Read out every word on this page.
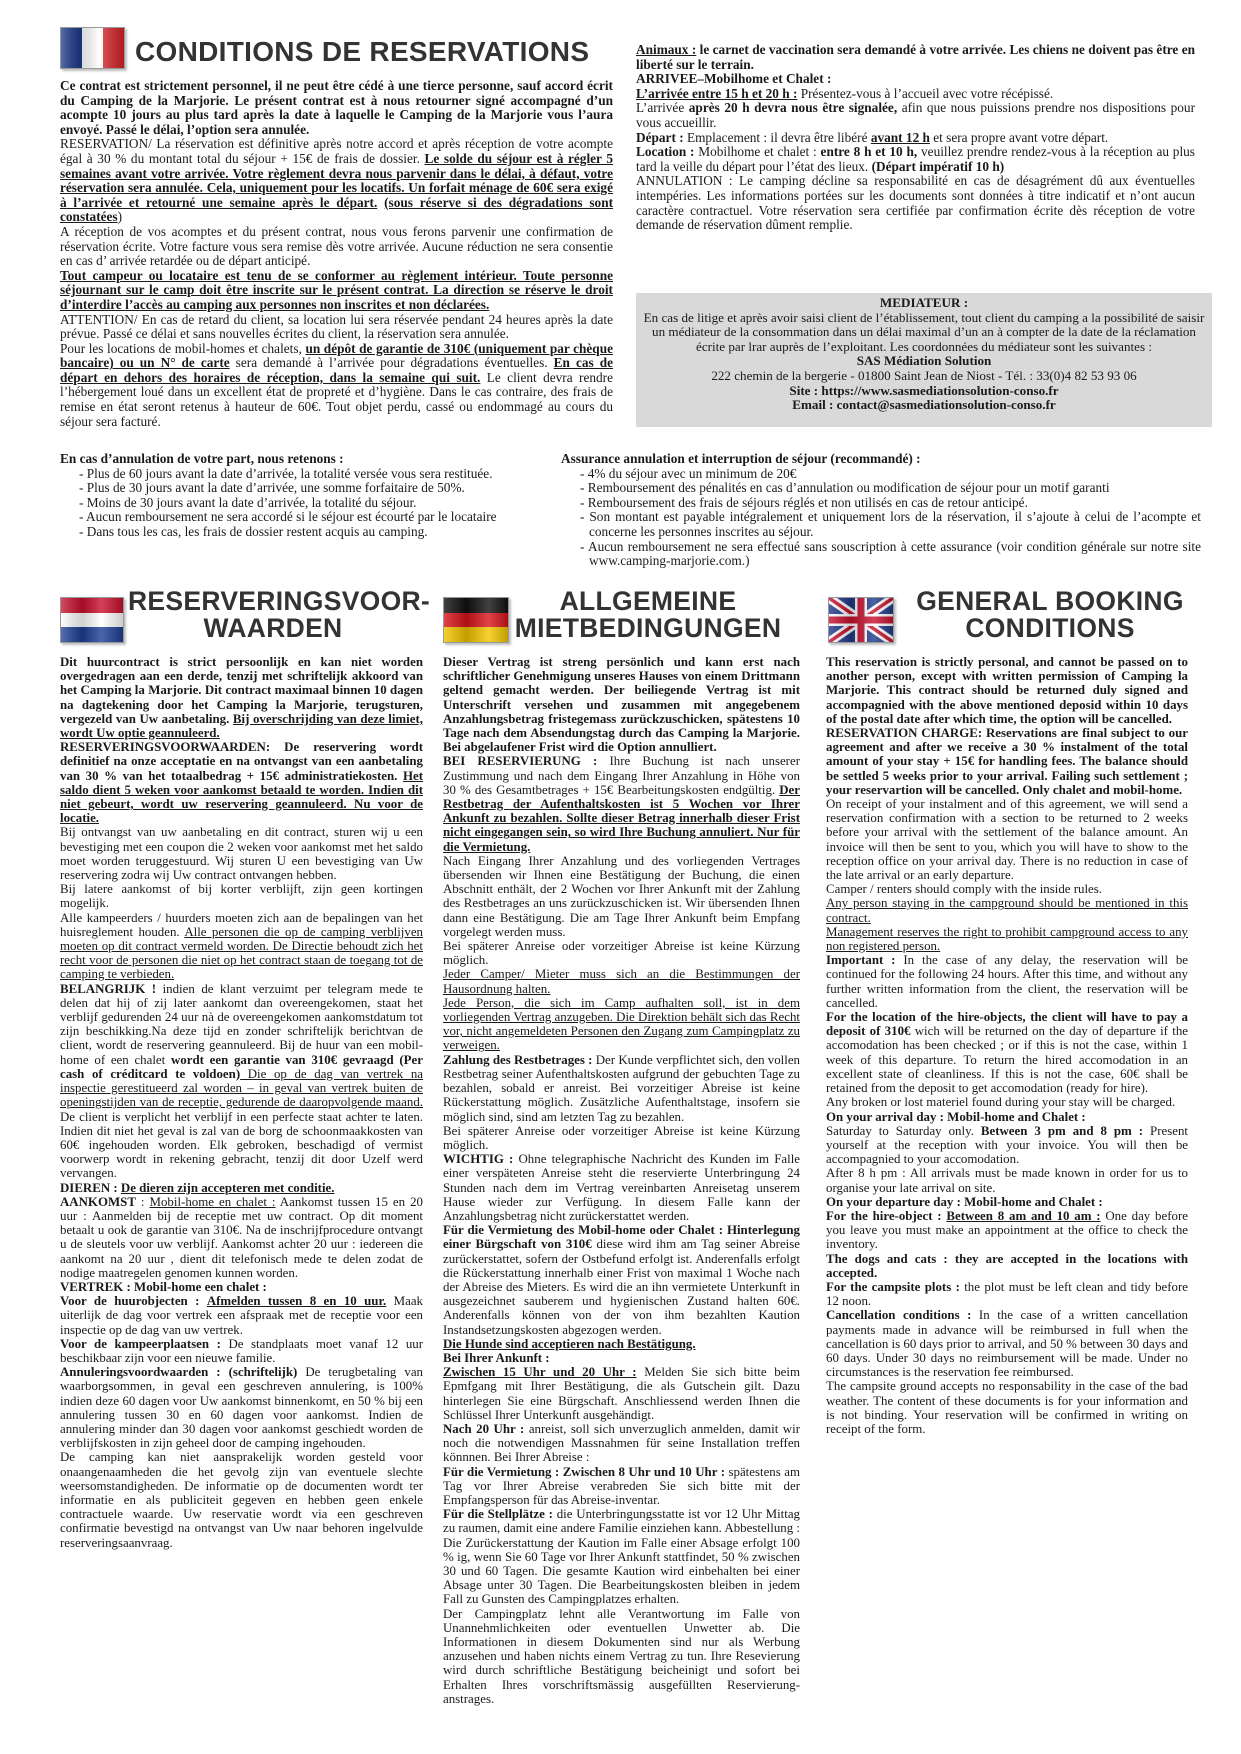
CONDITIONS DE RESERVATIONS

Ce contrat est strictement personnel, il ne peut être cédé à une tierce personne, sauf accord écrit du Camping de la Marjorie. Le présent contrat est à nous retourner signé accompagné d’un acompte 10 jours au plus tard après la date à laquelle le Camping de la Marjorie vous l’aura envoyé. Passé le délai, l’option sera annulée.

RESERVATION/ La réservation est définitive après notre accord et après réception de votre acompte égal à 30 % du montant total du séjour + 15€ de frais de dossier. Le solde du séjour est à régler 5 semaines avant votre arrivée. Votre règlement devra nous parvenir dans le délai, à défaut, votre réservation sera annulée. Cela, uniquement pour les locatifs. Un forfait ménage de 60€ sera exigé à l’arrivée et retourné une semaine après le départ. (sous réserve si des dégradations sont constatées)

A réception de vos acomptes et du présent contrat, nous vous ferons parvenir une confirmation de réservation écrite. Votre facture vous sera remise dès votre arrivée. Aucune réduction ne sera consentie en cas d’ arrivée retardée ou de départ anticipé.

Tout campeur ou locataire est tenu de se conformer au règlement intérieur. Toute personne séjournant sur le camp doit être inscrite sur le présent contrat. La direction se réserve le droit d’interdire l’accès au camping aux personnes non inscrites et non déclarées.

ATTENTION/ En cas de retard du client, sa location lui sera réservée pendant 24 heures après la date prévue. Passé ce délai et sans nouvelles écrites du client, la réservation sera annulée.

Pour les locations de mobil-homes et chalets, un dépôt de garantie de 310€ (uniquement par chèque bancaire) ou un N° de carte sera demandé à l’arrivée pour dégradations éventuelles. En cas de départ en dehors des horaires de réception, dans la semaine qui suit. Le client devra rendre l’hébergement loué dans un excellent état de propreté et d’hygiène. Dans le cas contraire, des frais de remise en état seront retenus à hauteur de 60€. Tout objet perdu, cassé ou endommagé au cours du séjour sera facturé.

Animaux : le carnet de vaccination sera demandé à votre arrivée. Les chiens ne doivent pas être en liberté sur le terrain.

ARRIVEE–Mobilhome et Chalet :

L’arrivée entre 15 h et 20 h : Présentez-vous à l’accueil avec votre récépissé.

L’arrivée après 20 h devra nous être signalée, afin que nous puissions prendre nos dispositions pour vous accueillir.

Départ : Emplacement : il devra être libéré avant 12 h et sera propre avant votre départ.

Location : Mobilhome et chalet : entre 8 h et 10 h, veuillez prendre rendez-vous à la réception au plus tard la veille du départ pour l’état des lieux. (Départ impératif 10 h)

ANNULATION : Le camping décline sa responsabilité en cas de désagrément dû aux éventuelles intempéries. Les informations portées sur les documents sont données à titre indicatif et n’ont aucun caractère contractuel. Votre réservation sera certifiée par confirmation écrite dès réception de votre demande de réservation dûment remplie.

MEDIATEUR :

En cas de litige et après avoir saisi client de l’établissement, tout client du camping a la possibilité de saisir un médiateur de la consommation dans un délai maximal d’un an à compter de la date de la réclamation écrite par lrar auprès de l’exploitant. Les coordonnées du médiateur sont les suivantes :

SAS Médiation Solution

222 chemin de la bergerie - 01800 Saint Jean de Niost - Tél. : 33(0)4 82 53 93 06

Site : https://www.sasmediationsolution-conso.fr

Email : contact@sasmediationsolution-conso.fr

En cas d’annulation de votre part, nous retenons :

- Plus de 60 jours avant la date d’arrivée, la totalité versée vous sera restituée.

- Plus de 30 jours avant la date d’arrivée, une somme forfaitaire de 50%.

- Moins de 30 jours avant la date d’arrivée, la totalité du séjour.

- Aucun remboursement ne sera accordé si le séjour est écourté par le locataire

- Dans tous les cas, les frais de dossier restent acquis au camping.

Assurance annulation et interruption de séjour (recommandé) :

- 4% du séjour avec un minimum de 20€

- Remboursement des pénalités en cas d’annulation ou modification de séjour pour un motif garanti

- Remboursement des frais de séjours réglés et non utilisés en cas de retour anticipé.

- Son montant est payable intégralement et uniquement lors de la réservation, il s’ajoute à celui de l’acompte et concerne les personnes inscrites au séjour.

- Aucun remboursement ne sera effectué sans souscription à cette assurance (voir condition générale sur notre site www.camping-marjorie.com.)

RESERVERINGSVOOR-
WAARDEN

Dit huurcontract is strict persoonlijk en kan niet worden overgedragen aan een derde, tenzij met schriftelijk akkoord van het Camping la Marjorie. Dit contract maximaal binnen 10 dagen na dagtekening door het Camping la Marjorie, terugsturen, vergezeld van Uw aanbetaling. Bij overschrijding van deze limiet, wordt Uw optie geannuleerd.

RESERVERINGSVOORWAARDEN: De reservering wordt definitief na onze acceptatie en na ontvangst van een aanbetaling van 30 % van het totaalbedrag + 15€ administratiekosten. Het saldo dient 5 weken voor aankomst betaald te worden. Indien dit niet gebeurt, wordt uw reservering geannuleerd. Nu voor de locatie.

Bij ontvangst van uw aanbetaling en dit contract, sturen wij u een bevestiging met een coupon die 2 weken voor aankomst met het saldo moet worden teruggestuurd. Wij sturen U een bevestiging van Uw reservering zodra wij Uw contract ontvangen hebben.

Bij latere aankomst of bij korter verblijft, zijn geen kortingen mogelijk.

Alle kampeerders / huurders moeten zich aan de bepalingen van het huisreglement houden. Alle personen die op de camping verblijven moeten op dit contract vermeld worden. De Directie behoudt zich het recht voor de personen die niet op het contract staan de toegang tot de camping te verbieden.

BELANGRIJK ! indien de klant verzuimt per telegram mede te delen dat hij of zij later aankomt dan overeengekomen, staat het verblijf gedurenden 24 uur nà de overeengekomen aankomstdatum tot zijn beschikking.Na deze tijd en zonder schriftelijk berichtvan de client, wordt de reservering geannuleerd. Bij de huur van een mobil-home of een chalet wordt een garantie van 310€ gevraagd (Per cash of créditcard te voldoen) Die op de dag van vertrek na inspectie gerestitueerd zal worden – in geval van vertrek buiten de openingstijden van de receptie, gedurende de daaropvolgende maand. De client is verplicht het verblijf in een perfecte staat achter te laten. Indien dit niet het geval is zal van de borg de schoonmaakkosten van 60€ ingehouden worden. Elk gebroken, beschadigd of vermist voorwerp wordt in rekening gebracht, tenzij dit door Uzelf werd vervangen.

DIEREN : De dieren zijn accepteren met conditie.

AANKOMST : Mobil-home en chalet : Aankomst tussen 15 en 20 uur : Aanmelden bij de receptie met uw contract. Op dit moment betaalt u ook de garantie van 310€. Na de inschrijfprocedure ontvangt u de sleutels voor uw verblijf. Aankomst achter 20 uur : iedereen die aankomt na 20 uur , dient dit telefonisch mede te delen zodat de nodige maatregelen genomen kunnen worden.

VERTREK : Mobil-home een chalet :

Voor de huurobjecten : Afmelden tussen 8 en 10 uur. Maak uiterlijk de dag voor vertrek een afspraak met de receptie voor een inspectie op de dag van uw vertrek.

Voor de kampeerplaatsen : De standplaats moet vanaf 12 uur beschikbaar zijn voor een nieuwe familie.

Annuleringsvoordwaarden : (schriftelijk) De terugbetaling van waarborgsommen, in geval een geschreven annulering, is 100% indien deze 60 dagen voor Uw aankomst binnenkomt, en 50 % bij een annulering tussen 30 en 60 dagen voor aankomst. Indien de annulering minder dan 30 dagen voor aankomst geschiedt worden de verblijfskosten in zijn geheel door de camping ingehouden.

De camping kan niet aansprakelijk worden gesteld voor onaangenaamheden die het gevolg zijn van eventuele slechte weersomstandigheden. De informatie op de documenten wordt ter informatie en als publiciteit gegeven en hebben geen enkele contractuele waarde. Uw reservatie wordt via een geschreven confirmatie bevestigd na ontvangst van Uw naar behoren ingelvulde reserveringsaanvraag.

ALLGEMEINE
MIETBEDINGUNGEN

Dieser Vertrag ist streng persönlich und kann erst nach schriftlicher Genehmigung unseres Hauses von einem Drittmann geltend gemacht werden. Der beiliegende Vertrag ist mit Unterschrift versehen und zusammen mit angegebenem Anzahlungsbetrag fristegemass zurückzuschicken, spätestens 10 Tage nach dem Absendungstag durch das Camping la Marjorie. Bei abgelaufener Frist wird die Option annulliert.

BEI RESERVIERUNG : Ihre Buchung ist nach unserer Zustimmung und nach dem Eingang Ihrer Anzahlung in Höhe von 30 % des Gesamtbetrages + 15€ Bearbeitungskosten endgültig. Der Restbetrag der Aufenthaltskosten ist 5 Wochen vor Ihrer Ankunft zu bezahlen. Sollte dieser Betrag innerhalb dieser Frist nicht eingegangen sein, so wird Ihre Buchung annuliert. Nur für die Vermietung.

Nach Eingang Ihrer Anzahlung und des vorliegenden Vertrages übersenden wir Ihnen eine Bestätigung der Buchung, die einen Abschnitt enthält, der 2 Wochen vor Ihrer Ankunft mit der Zahlung des Restbetrages an uns zurückzuschicken ist. Wir übersenden Ihnen dann eine Bestätigung. Die am Tage Ihrer Ankunft beim Empfang vorgelegt werden muss.

Bei späterer Anreise oder vorzeitiger Abreise ist keine Kürzung möglich.

Jeder Camper/ Mieter muss sich an die Bestimmungen der Hausordnung halten.

Jede Person, die sich im Camp aufhalten soll, ist in dem vorliegenden Vertrag anzugeben. Die Direktion behält sich das Recht vor, nicht angemeldeten Personen den Zugang zum Campingplatz zu verweigen.

Zahlung des Restbetrages : Der Kunde verpflichtet sich, den vollen Restbetrag seiner Aufenthaltskosten aufgrund der gebuchten Tage zu bezahlen, sobald er anreist. Bei vorzeitiger Abreise ist keine Rückerstattung möglich. Zusätzliche Aufenthaltstage, insofern sie möglich sind, sind am letzten Tag zu bezahlen.

Bei späterer Anreise oder vorzeitiger Abreise ist keine Kürzung möglich.

WICHTIG : Ohne telegraphische Nachricht des Kunden im Falle einer verspäteten Anreise steht die reservierte Unterbringung 24 Stunden nach dem im Vertrag vereinbarten Anreisetag unserem Hause wieder zur Verfügung. In diesem Falle kann der Anzahlungsbetrag nicht zurückerstattet werden.

Für die Vermietung des Mobil-home oder Chalet : Hinterlegung einer Bürgschaft von 310€ diese wird ihm am Tag seiner Abreise zurückerstattet, sofern der Ostbefund erfolgt ist. Anderenfalls erfolgt die Rückerstattung innerhalb einer Frist von maximal 1 Woche nach der Abreise des Mieters. Es wird die an ihn vermietete Unterkunft in ausgezeichnet sauberem und hygienischen Zustand halten 60€. Anderenfalls können von der von ihm bezahlten Kaution Instandsetzungskosten abgezogen werden.

Die Hunde sind acceptieren nach Bestätigung.

Bei Ihrer Ankunft :

Zwischen 15 Uhr und 20 Uhr : Melden Sie sich bitte beim Epmfgang mit Ihrer Bestätigung, die als Gutschein gilt. Dazu hinterlegen Sie eine Bürgschaft. Anschliessend werden Ihnen die Schlüssel Ihrer Unterkunft ausgehändigt.

Nach 20 Uhr : anreist, soll sich unverzuglich anmelden, damit wir noch die notwendigen Massnahmen für seine Installation treffen könnnen. Bei Ihrer Abreise :

Für die Vermietung : Zwischen 8 Uhr und 10 Uhr : spätestens am Tag vor Ihrer Abreise verabreden Sie sich bitte mit der Empfangsperson für das Abreise-inventar.

Für die Stellplätze : die Unterbringungsstatte ist vor 12 Uhr Mittag zu raumen, damit eine andere Familie einziehen kann. Abbestellung : Die Zurückerstattung der Kaution im Falle einer Absage erfolgt 100 % ig, wenn Sie 60 Tage vor Ihrer Ankunft stattfindet, 50 % zwischen 30 und 60 Tagen. Die gesamte Kaution wird einbehalten bei einer Absage unter 30 Tagen. Die Bearbeitungskosten bleiben in jedem Fall zu Gunsten des Campingplatzes erhalten.

Der Campingplatz lehnt alle Verantwortung im Falle von Unannehmlichkeiten oder eventuellen Unwetter ab. Die Informationen in diesem Dokumenten sind nur als Werbung anzusehen und haben nichts einem Vertrag zu tun. Ihre Resevierung wird durch schriftliche Bestätigung beicheinigt und sofort bei Erhalten Ihres vorschriftsmässig ausgefüllten Reservierung-anstrages.

GENERAL BOOKING
CONDITIONS

This reservation is strictly personal, and cannot be passed on to another person, except with written permission of Camping la Marjorie. This contract should be returned duly signed and accompagnied with the above mentioned deposid within 10 days of the postal date after which time, the option will be cancelled.

RESERVATION CHARGE: Reservations are final subject to our agreement and after we receive a 30 % instalment of the total amount of your stay + 15€ for handling fees. The balance should be settled 5 weeks prior to your arrival. Failing such settlement ; your reservartion will be cancelled. Only chalet and mobil-home.

On receipt of your instalment and of this agreement, we will send a reservation confirmation with a section to be returned to 2 weeks before your arrival with the settlement of the balance amount. An invoice will then be sent to you, which you will have to show to the reception office on your arrival day. There is no reduction in case of the late arrival or an early departure.

Camper / renters should comply with the inside rules.

Any person staying in the campground should be mentioned in this contract.

Management reserves the right to prohibit campground access to any non registered person.

Important : In the case of any delay, the reservation will be continued for the following 24 hours. After this time, and without any further written information from the client, the reservation will be cancelled.

For the location of the hire-objects, the client will have to pay a deposit of 310€ wich will be returned on the day of departure if the accomodation has been checked ; or if this is not the case, within 1 week of this departure. To return the hired accomodation in an excellent state of cleanliness. If this is not the case, 60€ shall be retained from the deposit to get accomodation (ready for hire).

Any broken or lost materiel found during your stay will be charged.

On your arrival day : Mobil-home and Chalet :

Saturday to Saturday only. Between 3 pm and 8 pm : Present yourself at the reception with your invoice. You will then be accompagnied to your accomodation.

After 8 h pm : All arrivals must be made known in order for us to organise your late arrival on site.

On your departure day : Mobil-home and Chalet :

For the hire-object : Between 8 am and 10 am : One day before you leave you must make an appointment at the office to check the inventory.

The dogs and cats : they are accepted in the locations with accepted.

For the campsite plots : the plot must be left clean and tidy before 12 noon.

Cancellation conditions : In the case of a written cancellation payments made in advance will be reimbursed in full when the cancellation is 60 days prior to arrival, and 50 % between 30 days and 60 days. Under 30 days no reimbursement will be made. Under no circumstances is the reservation fee reimbursed.

The campsite ground accepts no responsability in the case of the bad weather. The content of these documents is for your information and is not binding. Your reservation will be confirmed in writing on receipt of the form.
